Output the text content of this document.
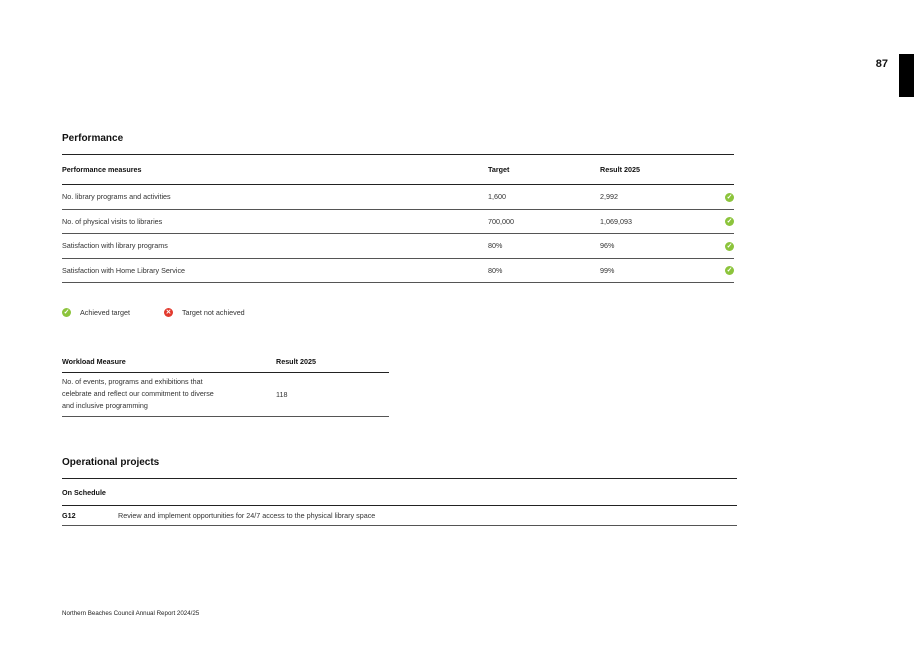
87
Performance
Performance measures	Target	Result 2025	
No. library programs and activities	1,600	2,992	✓
No. of physical visits to libraries	700,000	1,069,093	✓
Satisfaction with library programs	80%	96%	✓
Satisfaction with Home Library Service	80%	99%	✓
✓ Achieved target	✕ Target not achieved
Workload Measure	Result 2025

No. of events, programs and exhibitions that celebrate and reflect our commitment to diverse and inclusive programming	118
Operational projects
On Schedule
G12	Review and implement opportunities for 24/7 access to the physical library space
Northern Beaches Council Annual Report 2024/25
